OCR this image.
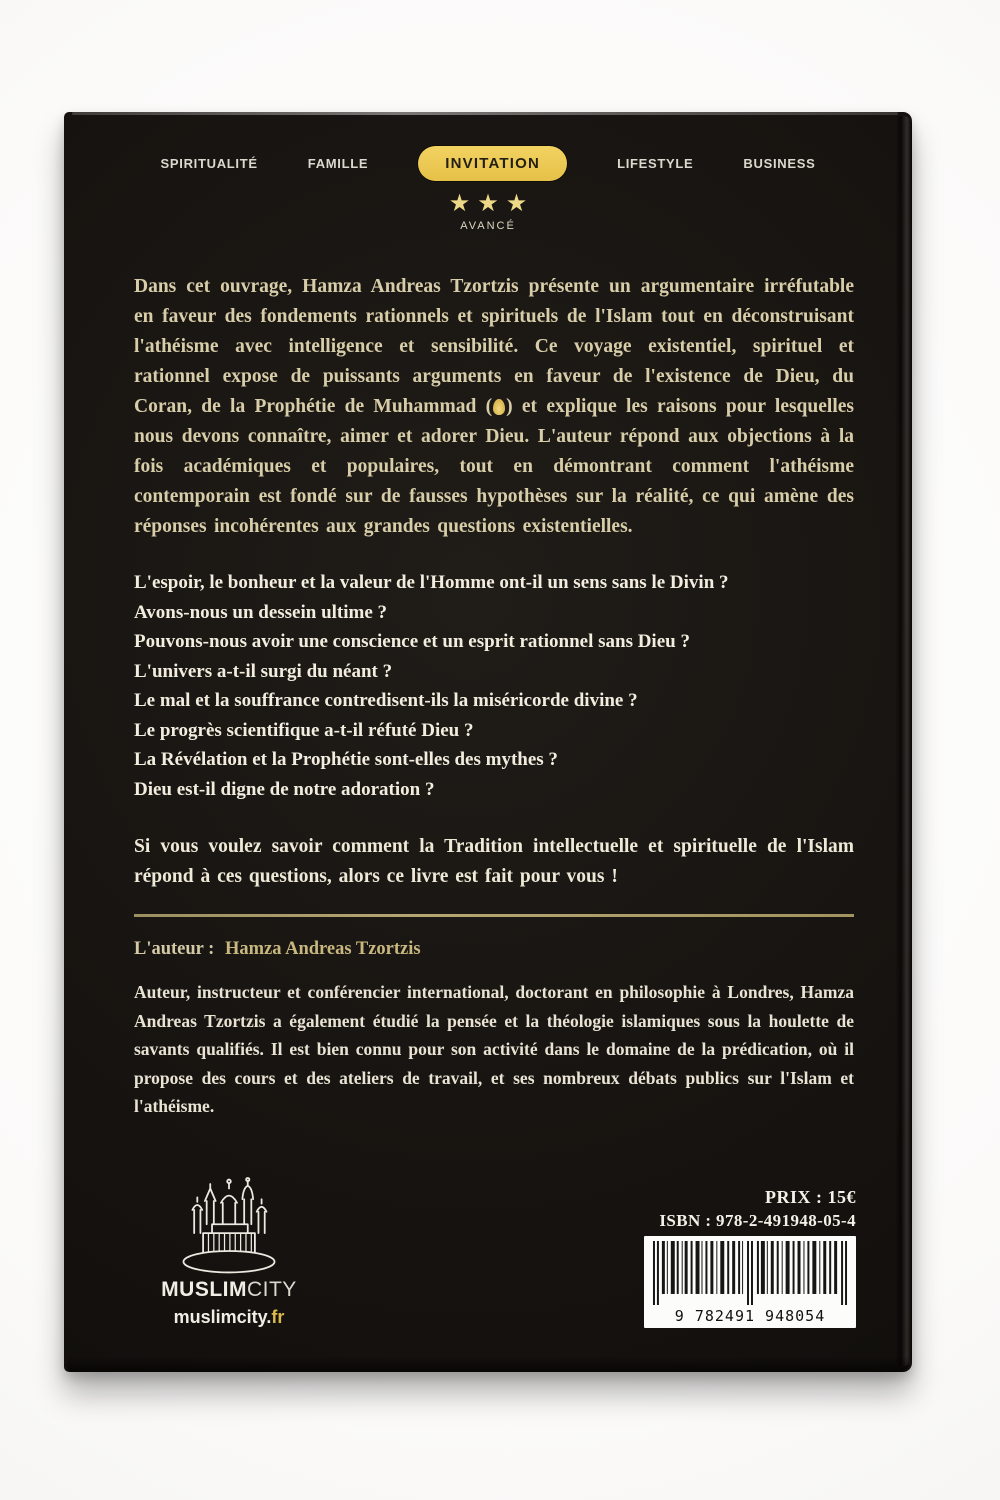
SPIRITUALITÉ	FAMILLE	INVITATION	LIFESTYLE	BUSINESS
★★★
AVANCÉ

Dans cet ouvrage, Hamza Andreas Tzortzis présente un argumentaire irréfutable en faveur des fondements rationnels et spirituels de l'Islam tout en déconstruisant l'athéisme avec intelligence et sensibilité. Ce voyage existentiel, spirituel et rationnel expose de puissants arguments en faveur de l'existence de Dieu, du Coran, de la Prophétie de Muhammad ( ) et explique les raisons pour lesquelles nous devons connaître, aimer et adorer Dieu. L'auteur répond aux objections à la fois académiques et populaires, tout en démontrant comment l'athéisme contemporain est fondé sur de fausses hypothèses sur la réalité, ce qui amène des réponses incohérentes aux grandes questions existentielles.

L'espoir, le bonheur et la valeur de l'Homme ont-il un sens sans le Divin ?
Avons-nous un dessein ultime ?
Pouvons-nous avoir une conscience et un esprit rationnel sans Dieu ?
L'univers a-t-il surgi du néant ?
Le mal et la souffrance contredisent-ils la miséricorde divine ?
Le progrès scientifique a-t-il réfuté Dieu ?
La Révélation et la Prophétie sont-elles des mythes ?
Dieu est-il digne de notre adoration ?

Si vous voulez savoir comment la Tradition intellectuelle et spirituelle de l'Islam répond à ces questions, alors ce livre est fait pour vous !

L'auteur : Hamza Andreas Tzortzis

Auteur, instructeur et conférencier international, doctorant en philosophie à Londres, Hamza Andreas Tzortzis a également étudié la pensée et la théologie islamiques sous la houlette de savants qualifiés. Il est bien connu pour son activité dans le domaine de la prédication, où il propose des cours et des ateliers de travail, et ses nombreux débats publics sur l'Islam et l'athéisme.

MUSLIMCITY
muslimcity.fr
PRIX : 15€
ISBN : 978-2-491948-05-4
9 782491 948054
